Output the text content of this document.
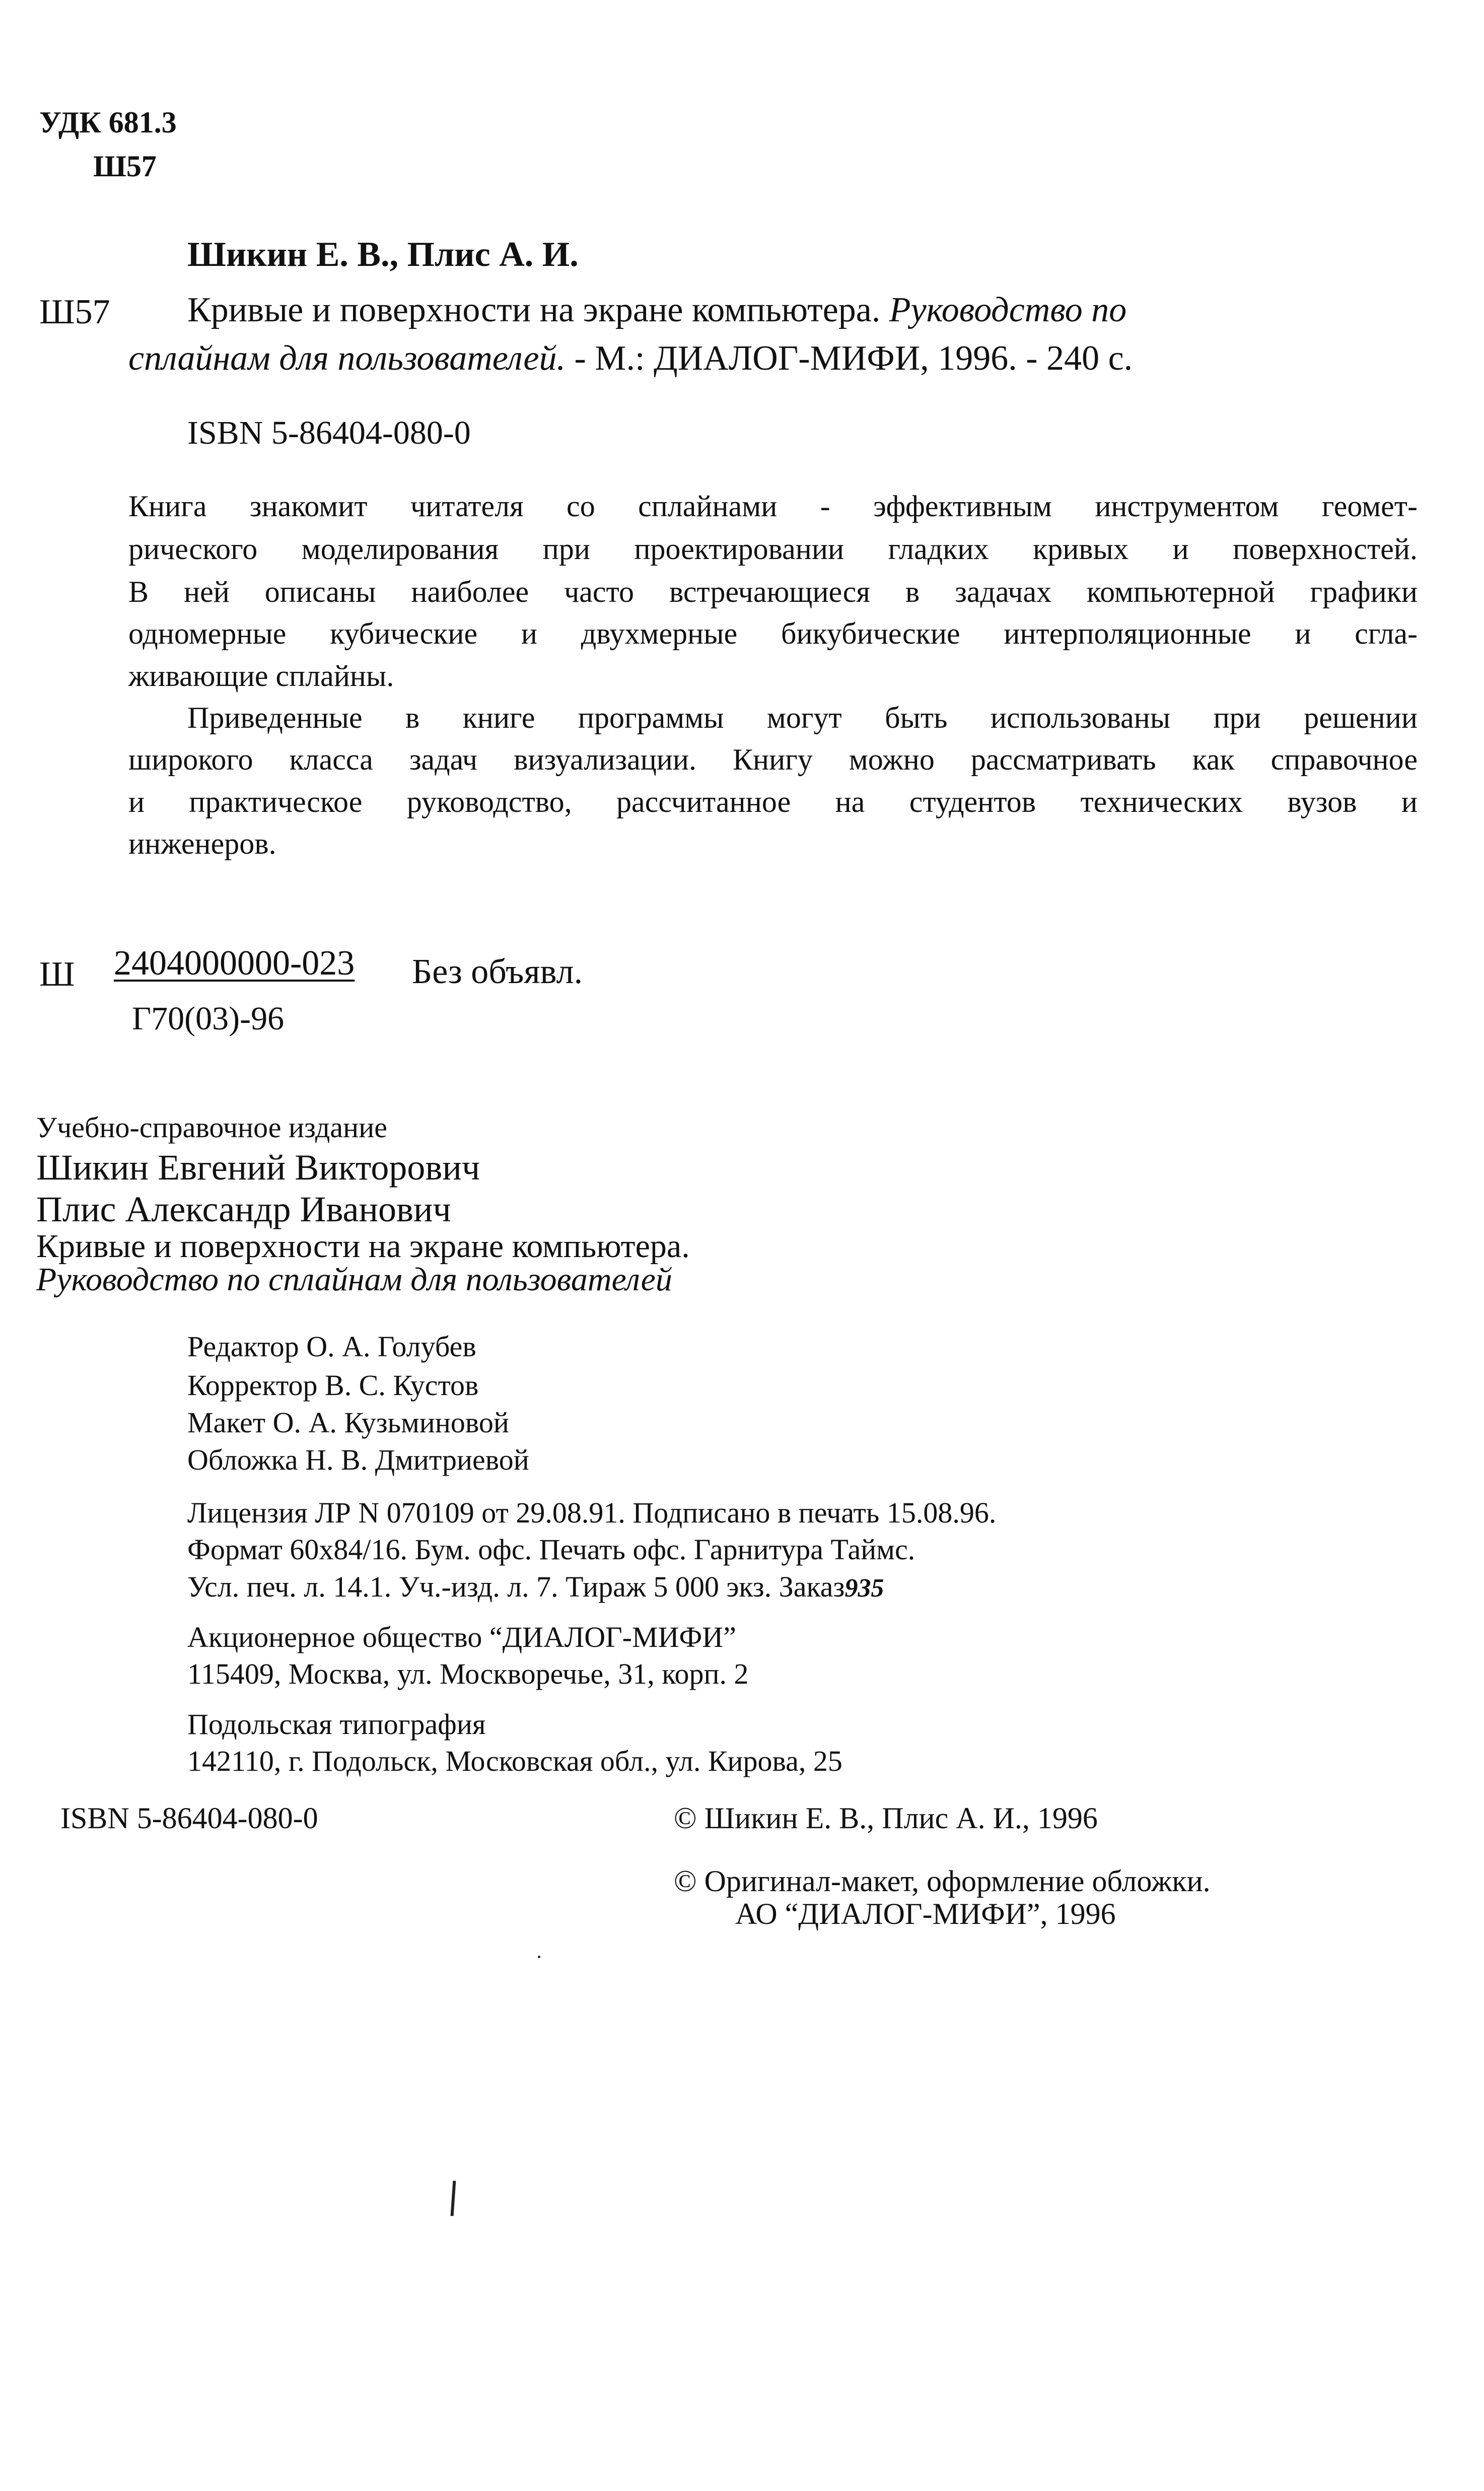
УДК 681.3
Ш57
Шикин Е. В., Плис А. И.
Ш57 Кривые и поверхности на экране компьютера. Руководство по
сплайнам для пользователей. - М.: ДИАЛОГ-МИФИ, 1996. - 240 с.
ISBN 5-86404-080-0
Книга знакомит читателя со сплайнами - эффективным инструментом геомет-
рического моделирования при проектировании гладких кривых и поверхностей.
В ней описаны наиболее часто встречающиеся в задачах компьютерной графики
одномерные кубические и двухмерные бикубические интерполяционные и сгла-
живающие сплайны.
Приведенные в книге программы могут быть использованы при решении
широкого класса задач визуализации. Книгу можно рассматривать как справочное
и практическое руководство, рассчитанное на студентов технических вузов и
инженеров.
Ш 2404000000-023 Без объявл.
Г70(03)-96
Учебно-справочное издание
Шикин Евгений Викторович
Плис Александр Иванович
Кривые и поверхности на экране компьютера.
Руководство по сплайнам для пользователей
Редактор О. А. Голубев
Корректор В. С. Кустов
Макет О. А. Кузьминовой
Обложка Н. В. Дмитриевой
Лицензия ЛР N 070109 от 29.08.91. Подписано в печать 15.08.96.
Формат 60х84/16. Бум. офс. Печать офс. Гарнитура Таймс.
Усл. печ. л. 14.1. Уч.-изд. л. 7. Тираж 5 000 экз. Заказ935
Акционерное общество “ДИАЛОГ-МИФИ”
115409, Москва, ул. Москворечье, 31, корп. 2
Подольская типография
142110, г. Подольск, Московская обл., ул. Кирова, 25
ISBN 5-86404-080-0	© Шикин Е. В., Плис А. И., 1996
© Оригинал-макет, оформление обложки.
АО “ДИАЛОГ-МИФИ”, 1996
